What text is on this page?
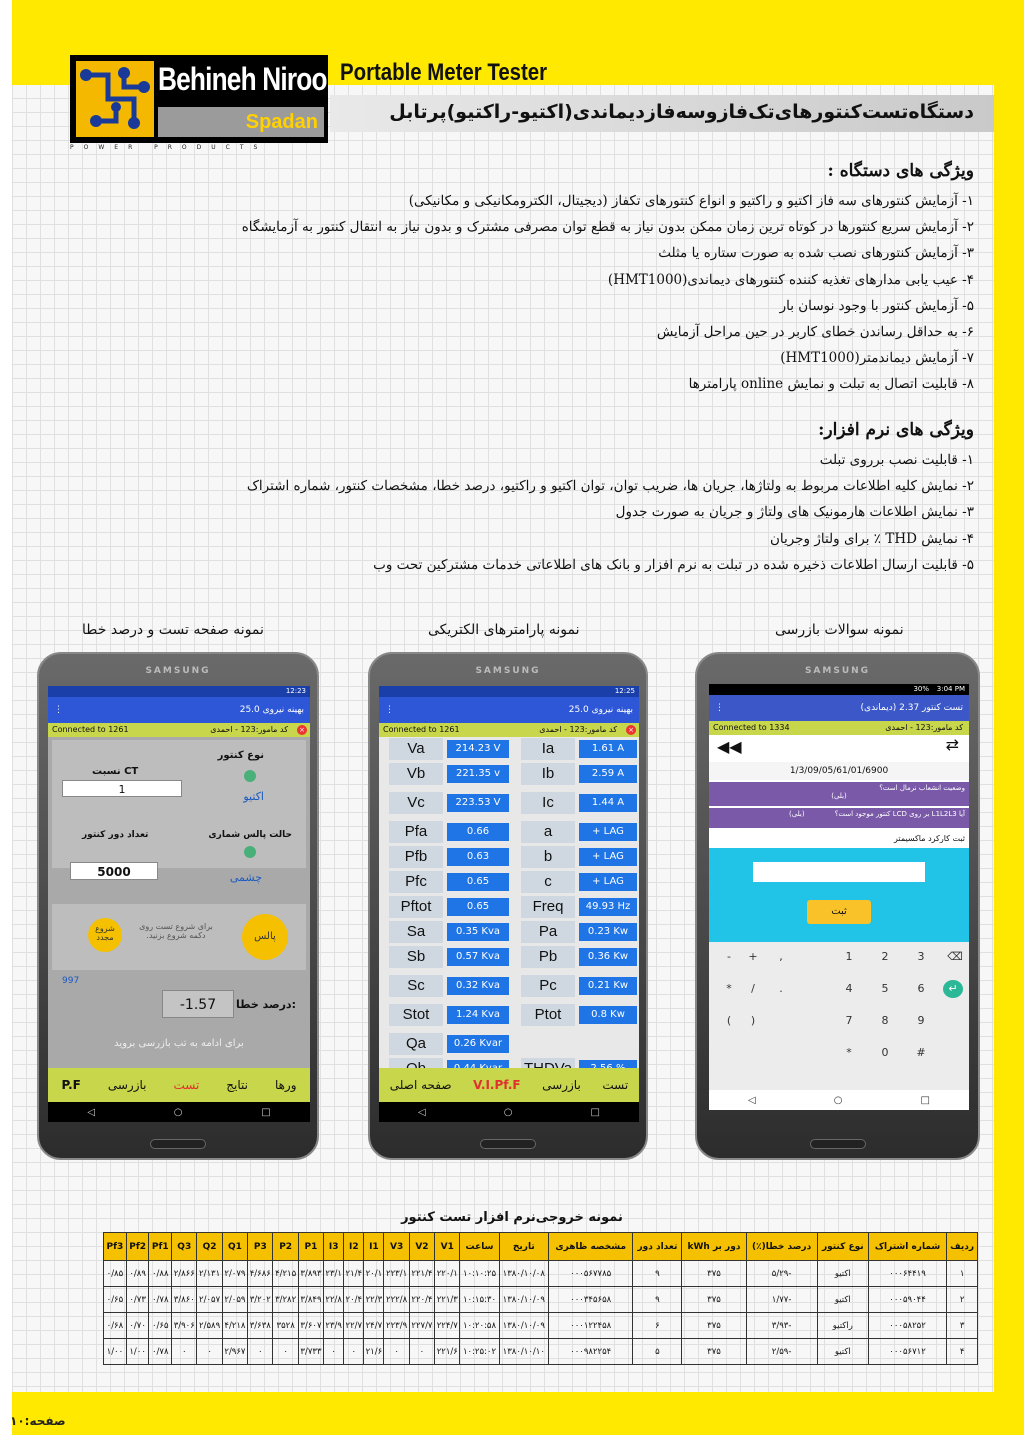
Behineh Niroo
Spadan
POWER PRODUCTS
Portable Meter Tester
دستگاه‌تست‌کنتورهای‌تک‌فازوسه‌فازدیماندی(اکتیو-راکتیو)پرتابل
ویژگی های دستگاه :
۱- آزمایش کنتورهای سه فاز اکتیو و راکتیو و انواع کنتورهای تکفاز (دیجیتال، الکترومکانیکی و مکانیکی)
۲- آزمایش سریع کنتورها در کوتاه ترین زمان ممکن بدون نیاز به قطع توان مصرفی مشترک و بدون نیاز به انتقال کنتور به آزمایشگاه
۳- آزمایش کنتورهای نصب شده به صورت ستاره یا مثلث
۴- عیب یابی مدارهای تغذیه کننده کنتورهای دیماندی(HMT1000)
۵- آزمایش کنتور با وجود نوسان بار
۶- به حداقل رساندن خطای کاربر در حین مراحل آزمایش
۷- آزمایش دیماندمتر(HMT1000)
۸- قابلیت اتصال به تبلت و نمایش online پارامترها
ویژگی های نرم افزار:
۱- قابلیت نصب برروی تبلت
۲- نمایش کلیه اطلاعات مربوط به ولتاژها، جریان ها، ضریب توان، توان اکتیو و راکتیو، درصد خطا، مشخصات کنتور، شماره اشتراک
۳- نمایش اطلاعات هارمونیک های ولتاژ و جریان به صورت جدول
۴- نمایش THD ٪ برای ولتاژ وجریان
۵- قابلیت ارسال اطلاعات ذخیره شده در تبلت به نرم افزار و بانک های اطلاعاتی خدمات مشترکین تحت وب
نمونه صفحه تست و درصد خطا	نمونه پارامترهای الکتریکی	نمونه سوالات بازرسی
SAMSUNG
12:23
⋮	بهینه نیروی 25.0
Connected to 1261	کد مامور:123 - احمدی ×
نوع کنتور
اکتیو
نسبت CT
1
حالت پالس شماری
تعداد دور کنتور
چشمی
5000
پالس
برای شروع تست روی دکمه شروع بزنید.
شروع مجدد
997
درصد خطا:
-1.57
برای ادامه به تب بازرسی بروید
ورها
نتایج
تست
بازرسی
P.F
◁	○	□
SAMSUNG
12:25
⋮	بهینه نیروی 25.0
Connected to 1261	کد مامور:123 - احمدی ×
Va	214.23 V	Ia	1.61 A
Vb	221.35 v	Ib	2.59 A
Vc	223.53 V	Ic	1.44 A
Pfa	0.66	a	+ LAG
Pfb	0.63	b	+ LAG
Pfc	0.65	c	+ LAG
Pftot	0.65	Freq	49.93 Hz
Sa	0.35 Kva	Pa	0.23 Kw
Sb	0.57 Kva	Pb	0.36 Kw
Sc	0.32 Kva	Pc	0.21 Kw
Stot	1.24 Kva	Ptot	0.8 Kw
Qa	0.26 Kvar
تست
بازرسی
V.I.Pf.F
صفحه اصلی
◁	○	□
SAMSUNG
3:04 PM
30%
⋮	تست کنتور 2.37 (دیماندی)
Connected to 1334	کد مامور:123 - احمدی
◀◀	⇄
1/3/09/05/61/01/6900
وضعیت انشعاب نرمال است؟
(بلی)
آیا L1L2L3 بر روی LCD کنتور موجود است؟
(بلی)
ثبت کارکرد ماکسیمتر
ثبت
-	+	,	1	2	3	⌫
*	/	.	4	5	6	↵
(	)	7	8	9
*	0	#
◁	○	□
نمونه خروجی‌نرم افزار تست کنتور
ردیف	شماره اشتراک	نوع کنتور	درصد خطا(٪)	دور بر kWh	تعداد دور	مشخصه ظاهری	تاریخ	ساعت	V1	V2	V3	I1	I2	I3	P1	P2	P3	Q1	Q2	Q3	Pf1	Pf2	Pf3
۱	۰۰۰۶۴۴۱۹	اکتیو	-۵/۲۹	۳۷۵	۹	۰۰۰۵۶۷۷۸۵	۱۳۸۰/۱۰/۰۸	۱۰:۱۰:۲۵	۲۲۰/۱	۲۲۱/۴	۲۲۳/۱	۲۰/۱	۲۱/۴	۲۳/۱	۳/۸۹۳	۴/۲۱۵	۴/۶۸۶	۲/۰۷۹	۲/۱۳۱	۲/۸۶۶	۰/۸۸	۰/۸۹	۰/۸۵
۲	۰۰۰۵۹۰۴۴	اکتیو	-۱/۷۷	۳۷۵	۹	۰۰۰۳۴۵۶۵۸	۱۳۸۰/۱۰/۰۹	۱۰:۱۵:۳۰	۲۲۱/۳	۲۲۰/۴	۲۲۲/۸	۲۲/۳	۲۰/۴	۲۲/۸	۳/۸۴۹	۳/۲۸۲	۳/۲۰۲	۲/۰۵۹	۲/۰۵۷	۳/۸۶۰	۰/۷۸	۰/۷۳	۰/۶۵
۳	۰۰۰۵۸۲۵۲	راکتیو	-۳/۹۳	۳۷۵	۶	۰۰۰۱۲۲۴۵۸	۱۳۸۰/۱۰/۰۹	۱۰:۲۰:۵۸	۲۲۴/۷	۲۲۷/۷	۲۲۳/۹	۲۴/۷	۲۲/۷	۲۳/۹	۳/۶۰۷	۳۵۲۸	۳/۶۳۸	۴/۲۱۸	۲/۵۸۹	۳/۹۰۶	۰/۶۵	۰/۷۰	۰/۶۸
۴	۰۰۰۵۶۷۱۲	اکتیو	-۲/۵۹	۳۷۵	۵	۰۰۰۹۸۲۲۵۴	۱۳۸۰/۱۰/۱۰	۱۰:۲۵:۰۲	۲۲۱/۶	۰	۰	۲۱/۶	۰	۰	۳/۷۳۳	۰	۰	۲/۹۶۷	۰	۰	۰/۷۸	۱/۰۰	۱/۰۰
۱۰:صفحه
